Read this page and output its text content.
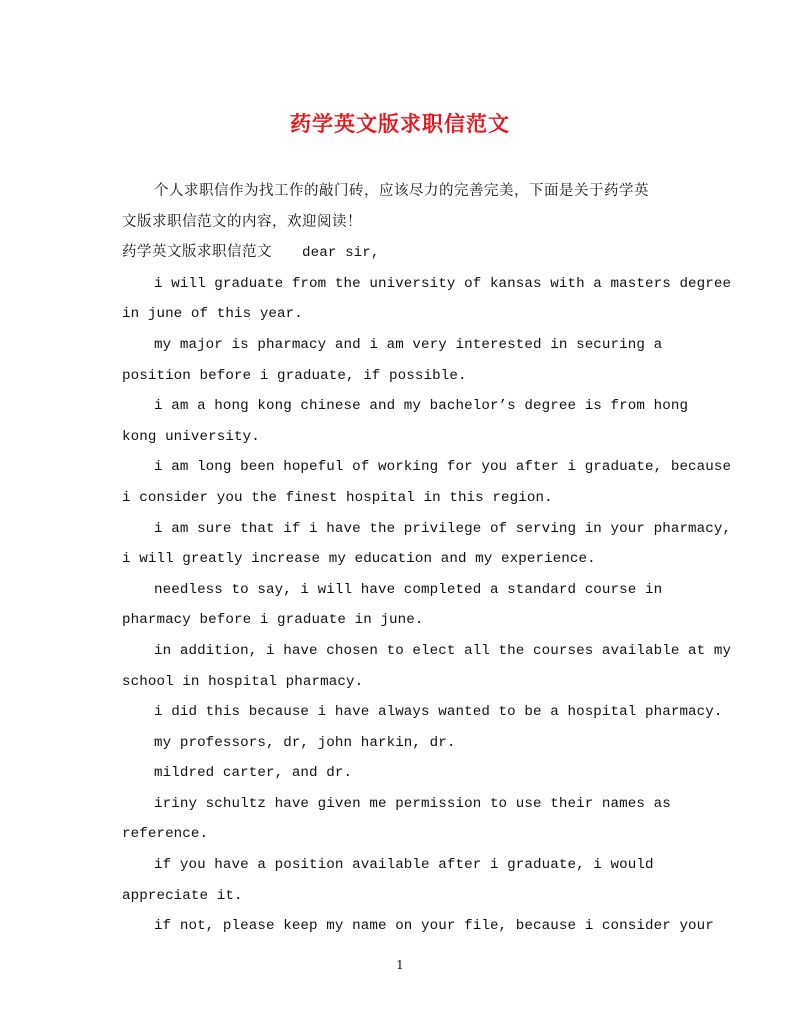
药学英文版求职信范文
个人求职信作为找工作的敲门砖，应该尽力的完善完美，下面是关于药学英
文版求职信范文的内容，欢迎阅读！
药学英文版求职信范文 dear sir,
i will graduate from the university of kansas with a masters degree
in june of this year.
my major is pharmacy and i am very interested in securing a
position before i graduate, if possible.
i am a hong kong chinese and my bachelor’s degree is from hong
kong university.
i am long been hopeful of working for you after i graduate, because
i consider you the finest hospital in this region.
i am sure that if i have the privilege of serving in your pharmacy,
i will greatly increase my education and my experience.
needless to say, i will have completed a standard course in
pharmacy before i graduate in june.
in addition, i have chosen to elect all the courses available at my
school in hospital pharmacy.
i did this because i have always wanted to be a hospital pharmacy.
my professors, dr, john harkin, dr.
mildred carter, and dr.
iriny schultz have given me permission to use their names as
reference.
if you have a position available after i graduate, i would
appreciate it.
if not, please keep my name on your file, because i consider your
1
